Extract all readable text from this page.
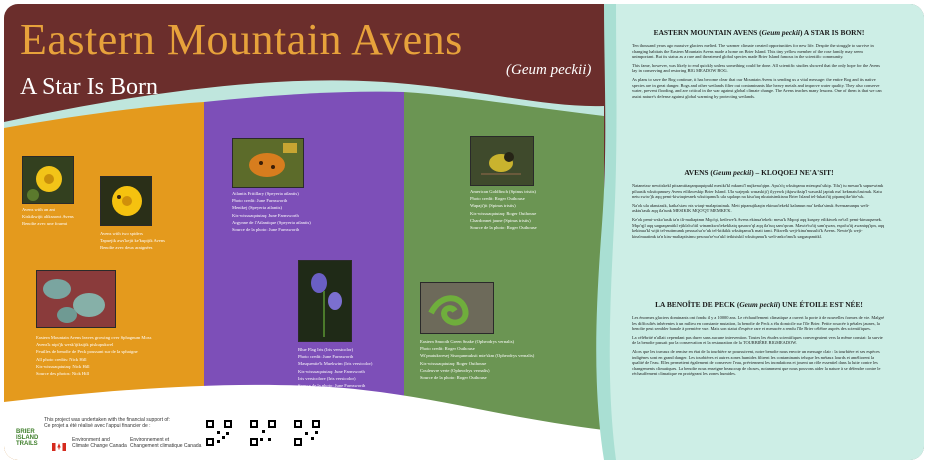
Eastern Mountain Avens
(Geum peckii)
A Star Is Born
Avens with an ant
Kiskikwijit aliksnawt Avens
Benoîte avec une fourmi
Avens with two spiders
Tapuejik aws'kejit ke'kupijik Avens
Benoîte avec deux araignées
Eastern Mountain Avens leaves growing over Sphagnum Moss
Avens'k nipi'jk wesk'ijiksijik piskupukwel
Feuilles de benoîte de Peck poussant sur de la sphaigne
All photo credits: Nick Hill
Kis-wissuaqatutaq: Nick Hill
Source des photos: Nick Hill
Atlantis Fritillary (Speyeria atlantis)
Photo credit: June Farnsworth
Menikej (Speyeria atlantis)
Kis-wissuaqatutaq: June Farnsworth
Argynne de l'Atlantique (Speyeria atlantis)
Source de la photo: June Farnsworth
Blue Flag Iris (Iris versicolor)
Photo credit: June Farnsworth
Masqueniie'k Muekwim (Iris versicolor)
Kis-wissuaqatutaq: June Farnsworth
Iris versicolore (Iris versicolor)
Source de la photo: June Farnsworth
American Goldfinch (Spinus tristis)
Photo credit: Roger Outhouse
Wapaji'jit (Spinus tristis)
Kis-wissuaqatutaq: Roger Outhouse
Chardonnet jaune (Spinus tristis)
Source de la photo: Roger Outhouse
Eastern Smooth Green Snake (Opheodrys vernalis)
Photo credit: Roger Outhouse
Wi'pnatukwesej Sisoqunmuksit mte'skm (Opheodrys vernalis)
Kis-wissuaqatutaq: Roger Outhouse
Couleuvre verte (Opheodrys vernalis)
Source de la photo: Roger Outhouse
This project was undertaken with the financial support of:
Ce projet a été réalisé avec l'appui financier de :
BRIER
ISLAND
TRAILS
Environment and
Climate Change Canada
Environnement et
Changement climatique Canada
EASTERN MOUNTAIN AVENS (Geum peckii) A STAR IS BORN!

Ten thousand years ago massive glaciers melted. The warmer climate created opportunities for new life. Despite the struggle to survive in changing habitats the Eastern Mountain Avens made a home on Brier Island. This tiny yellow member of the rose family may seem unimportant. But its status as a rare and threatened global species made Brier Island famous in the scientific community.

This fame, however, was likely to end quickly unless something could be done. All scientific studies showed that the only hope for the Avens lay in conserving and restoring BIG MEADOW BOG.

As plans to save the Bog continue, it has become clear that our Mountain Avens is sending us a vital message: the entire Bog and its native species are in great danger. Bogs and other wetlands filter out contaminants like heavy metals and improve water quality. They also conserve water, prevent flooding, and are critical in the war against global climate change. The Avens teaches many lessons. One of them is that we can assist nature's defense against global warming by protecting wetlands.

AVENS (Geum peckii) – KLOQOEJ NE'A'SIT!

Nataneiaw newtiskekl pitsamtitaqanpaqutpukl mesiki'kl mkumi'l nujkena'qipn. Apu'a'q wksitqamu mtesqasi'sikip. Tilu'j tu mesuo'k sapuewtmk piluasik wksitqamuey Avens etlikweskip Brier Island. Ula wajepsk wasaskiji'j ilyyewk jikjuwiksip'l wasaskl japtuk ma' kekmatu'tasinuk. Katu netu swiw'jk aqq pemi-kiwiaqtesnek wksitqamu'k ula sqalaqn na kisa'taq nkutaisimkisnu Brier Island tel-lukati'tij pipanujike'tite'wk.

Na'ok ula aknutasik, katka'siaw nts wiaqi-malaptasinuk. Mett pipanujikaqtn ekinua'tekekl kalamun ma' ketka'sinuk Avensamanpu welt-asktu'tasik aqq ila'tunk MESIKIK MQO'QT MEMKE'K.

Ke'ok pemi-wsko'tasik ta'n tli-maliaptmn Mqo'qt, ketlewe'k Avens ekinua'tekek: mesu'k Mqoqt aqq kuspey etliktwek ne'ta'l pemi-kimaqsenek. Mqo'qjl aqq saqpaqamitkl ejikla'tu'tiil winamkwa'tekekltaiq qasawo'ql aqq ila'tuq sam'qwan. Mawte'tu'tij sam'qwan, espa'tu'tij awaniqq'ipn, aqq kekinua'kl wijit tel-nuttmumk pesuua'sa'w'uk tel-ktikikk wksitqamu'k mati tami. Pikwelk weji-kina'musulti'k Avens. Newte'jk weji-kina'muatimk ta'n kiss-maliaptisimu pesoua'se'wa'ukl tetkisisktl wksitqamu'k weli-anko'tmu'k saqpaqamitkl.

LA BENOÎTE DE PECK (Geum peckii) UNE ÉTOILE EST NÉE!

Les énormes glaciers dominants ont fondu il y a 10000 ans. Le réchauffement climatique a ouvert la porte à de nouvelles formes de vie. Malgré les difficultés inhérentes à un milieu en constante mutation, la benoîte de Peck a élu domicile sur l'île Brier. Petite rosacée à pétales jaunes, la benoîte peut sembler banale à première vue. Mais son statut d'espèce rare et menacée a rendu l'île Brier célèbre auprès des scientifiques.

La célébrité n'allait cependant pas durer sans aucune intervention. Toutes les études scientifiques convergeaient vers la même constat: la survie de la benoîte passait par la conservation et la restauration de la TOURBIÈRE BIGMEADOW.

Alors que les travaux de remise en état de la tourbière se poursuivent, notre benoîte nous envoie un message clair : la tourbière et ses espèces indigènes sont en grand danger. Les tourbières et autres zones humides filtrent les contaminants telsque les métaux lourds et améliorent la qualité de l'eau. Elles permettent également de conserver l'eau, préviennent les inondations et jouent un rôle essentiel dans la lutte contre les changements climatiques. La benoîte nous enseigne beaucoup de choses, notamment que nous pouvons aider la nature à se défendre contre le réchauffement climatique en protégeant les zones humides.
